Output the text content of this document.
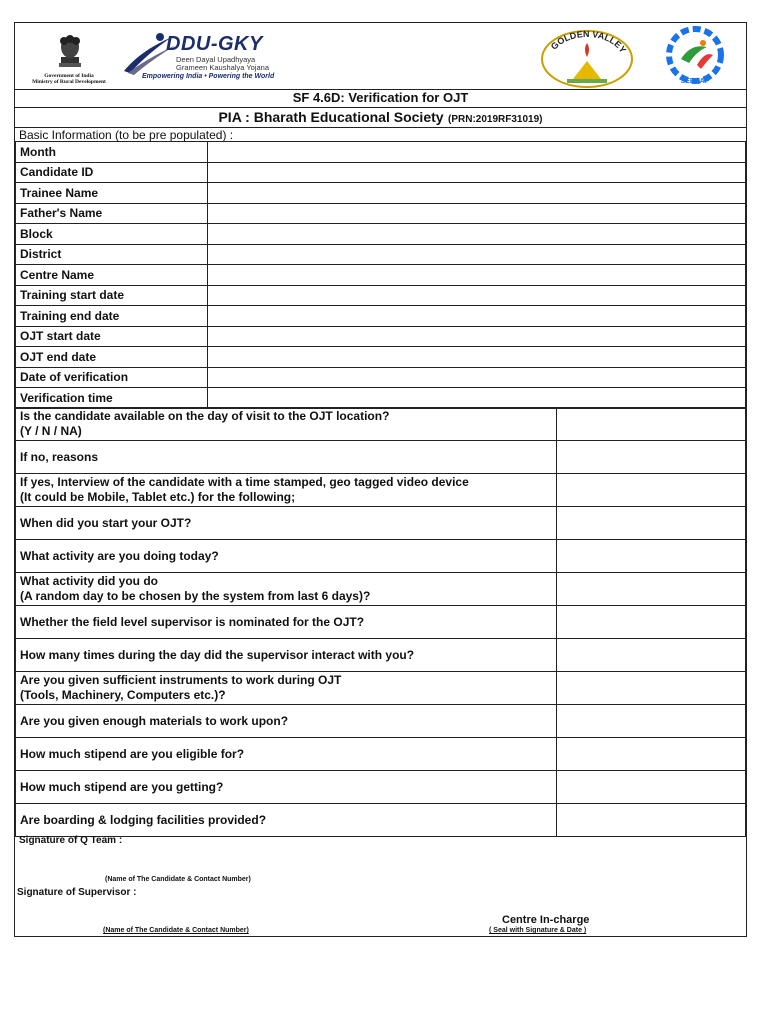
Government of India
Ministry of Rural Development
DDU-GKY
Deen Dayal Upadhyaya
Grameen Kaushalya Yojana
Empowering India • Powering the World
GOLDEN VALLEY
SEEDAP
SF 4.6D: Verification for OJT
PIA : Bharath Educational Society (PRN:2019RF31019)
Basic Information (to be pre populated) :
Month	
Candidate ID	
Trainee Name	
Father's Name	
Block	
District	
Centre Name	
Training start date	
Training end date	
OJT start date	
OJT end date	
Date of verification	
Verification time	
Is the candidate available on the day of visit to the OJT location?
(Y / N / NA)	

If no, reasons	

If yes, Interview of the candidate with a time stamped, geo tagged video device
(It could be Mobile, Tablet etc.) for the following;	

When did you start your OJT?	

What activity are you doing today?	

What activity did you do
(A random day to be chosen by the system from last 6 days)?	

Whether the field level supervisor is nominated for the OJT?	

How many times during the day did the supervisor interact with you?	

Are you given sufficient instruments to work during OJT
(Tools, Machinery, Computers etc.)?	

Are you given enough materials to work upon?	

How much stipend are you eligible for?	

How much stipend are you getting?	

Are boarding & lodging facilities provided?	

Signature of Q Team :
(Name of The Candidate & Contact Number)
Signature of Supervisor :
Centre In-charge
(Name of The Candidate & Contact Number)	( Seal with Signature & Date )
